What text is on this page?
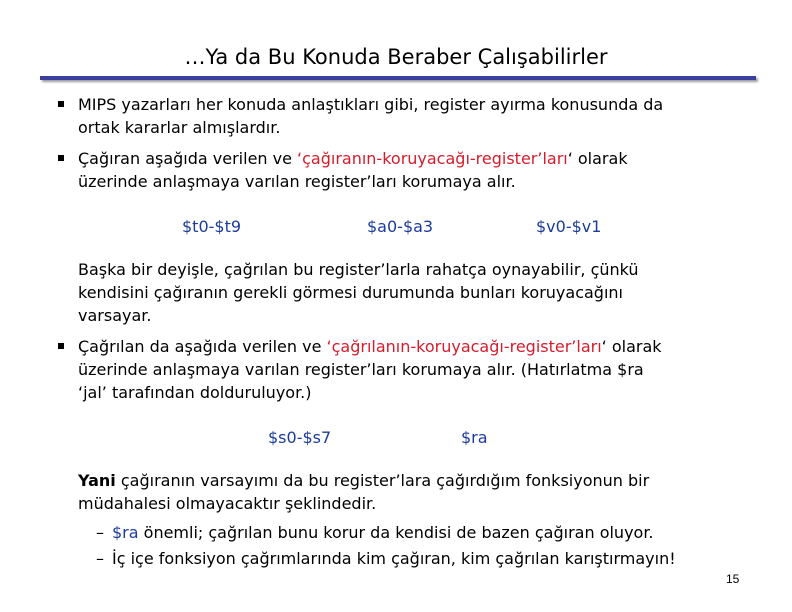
…Ya da Bu Konuda Beraber Çalışabilirler
MIPS yazarları her konuda anlaştıkları gibi, register ayırma konusunda da
ortak kararlar almışlardır.
Çağıran aşağıda verilen ve ‘çağıranın-koruyacağı-register’ları‘ olarak
üzerinde anlaşmaya varılan register’ları korumaya alır.
$t0-$t9	$a0-$a3	$v0-$v1
Başka bir deyişle, çağrılan bu register’larla rahatça oynayabilir, çünkü
kendisini çağıranın gerekli görmesi durumunda bunları koruyacağını
varsayar.
Çağrılan da aşağıda verilen ve ‘çağrılanın-koruyacağı-register’ları‘ olarak
üzerinde anlaşmaya varılan register’ları korumaya alır. (Hatırlatma $ra
‘jal’ tarafından dolduruluyor.)
$s0-$s7	$ra
Yani çağıranın varsayımı da bu register’lara çağırdığım fonksiyonun bir
müdahalesi olmayacaktır şeklindedir.
– $ra önemli; çağrılan bunu korur da kendisi de bazen çağıran oluyor.
– İç içe fonksiyon çağrımlarında kim çağıran, kim çağrılan karıştırmayın!
15
